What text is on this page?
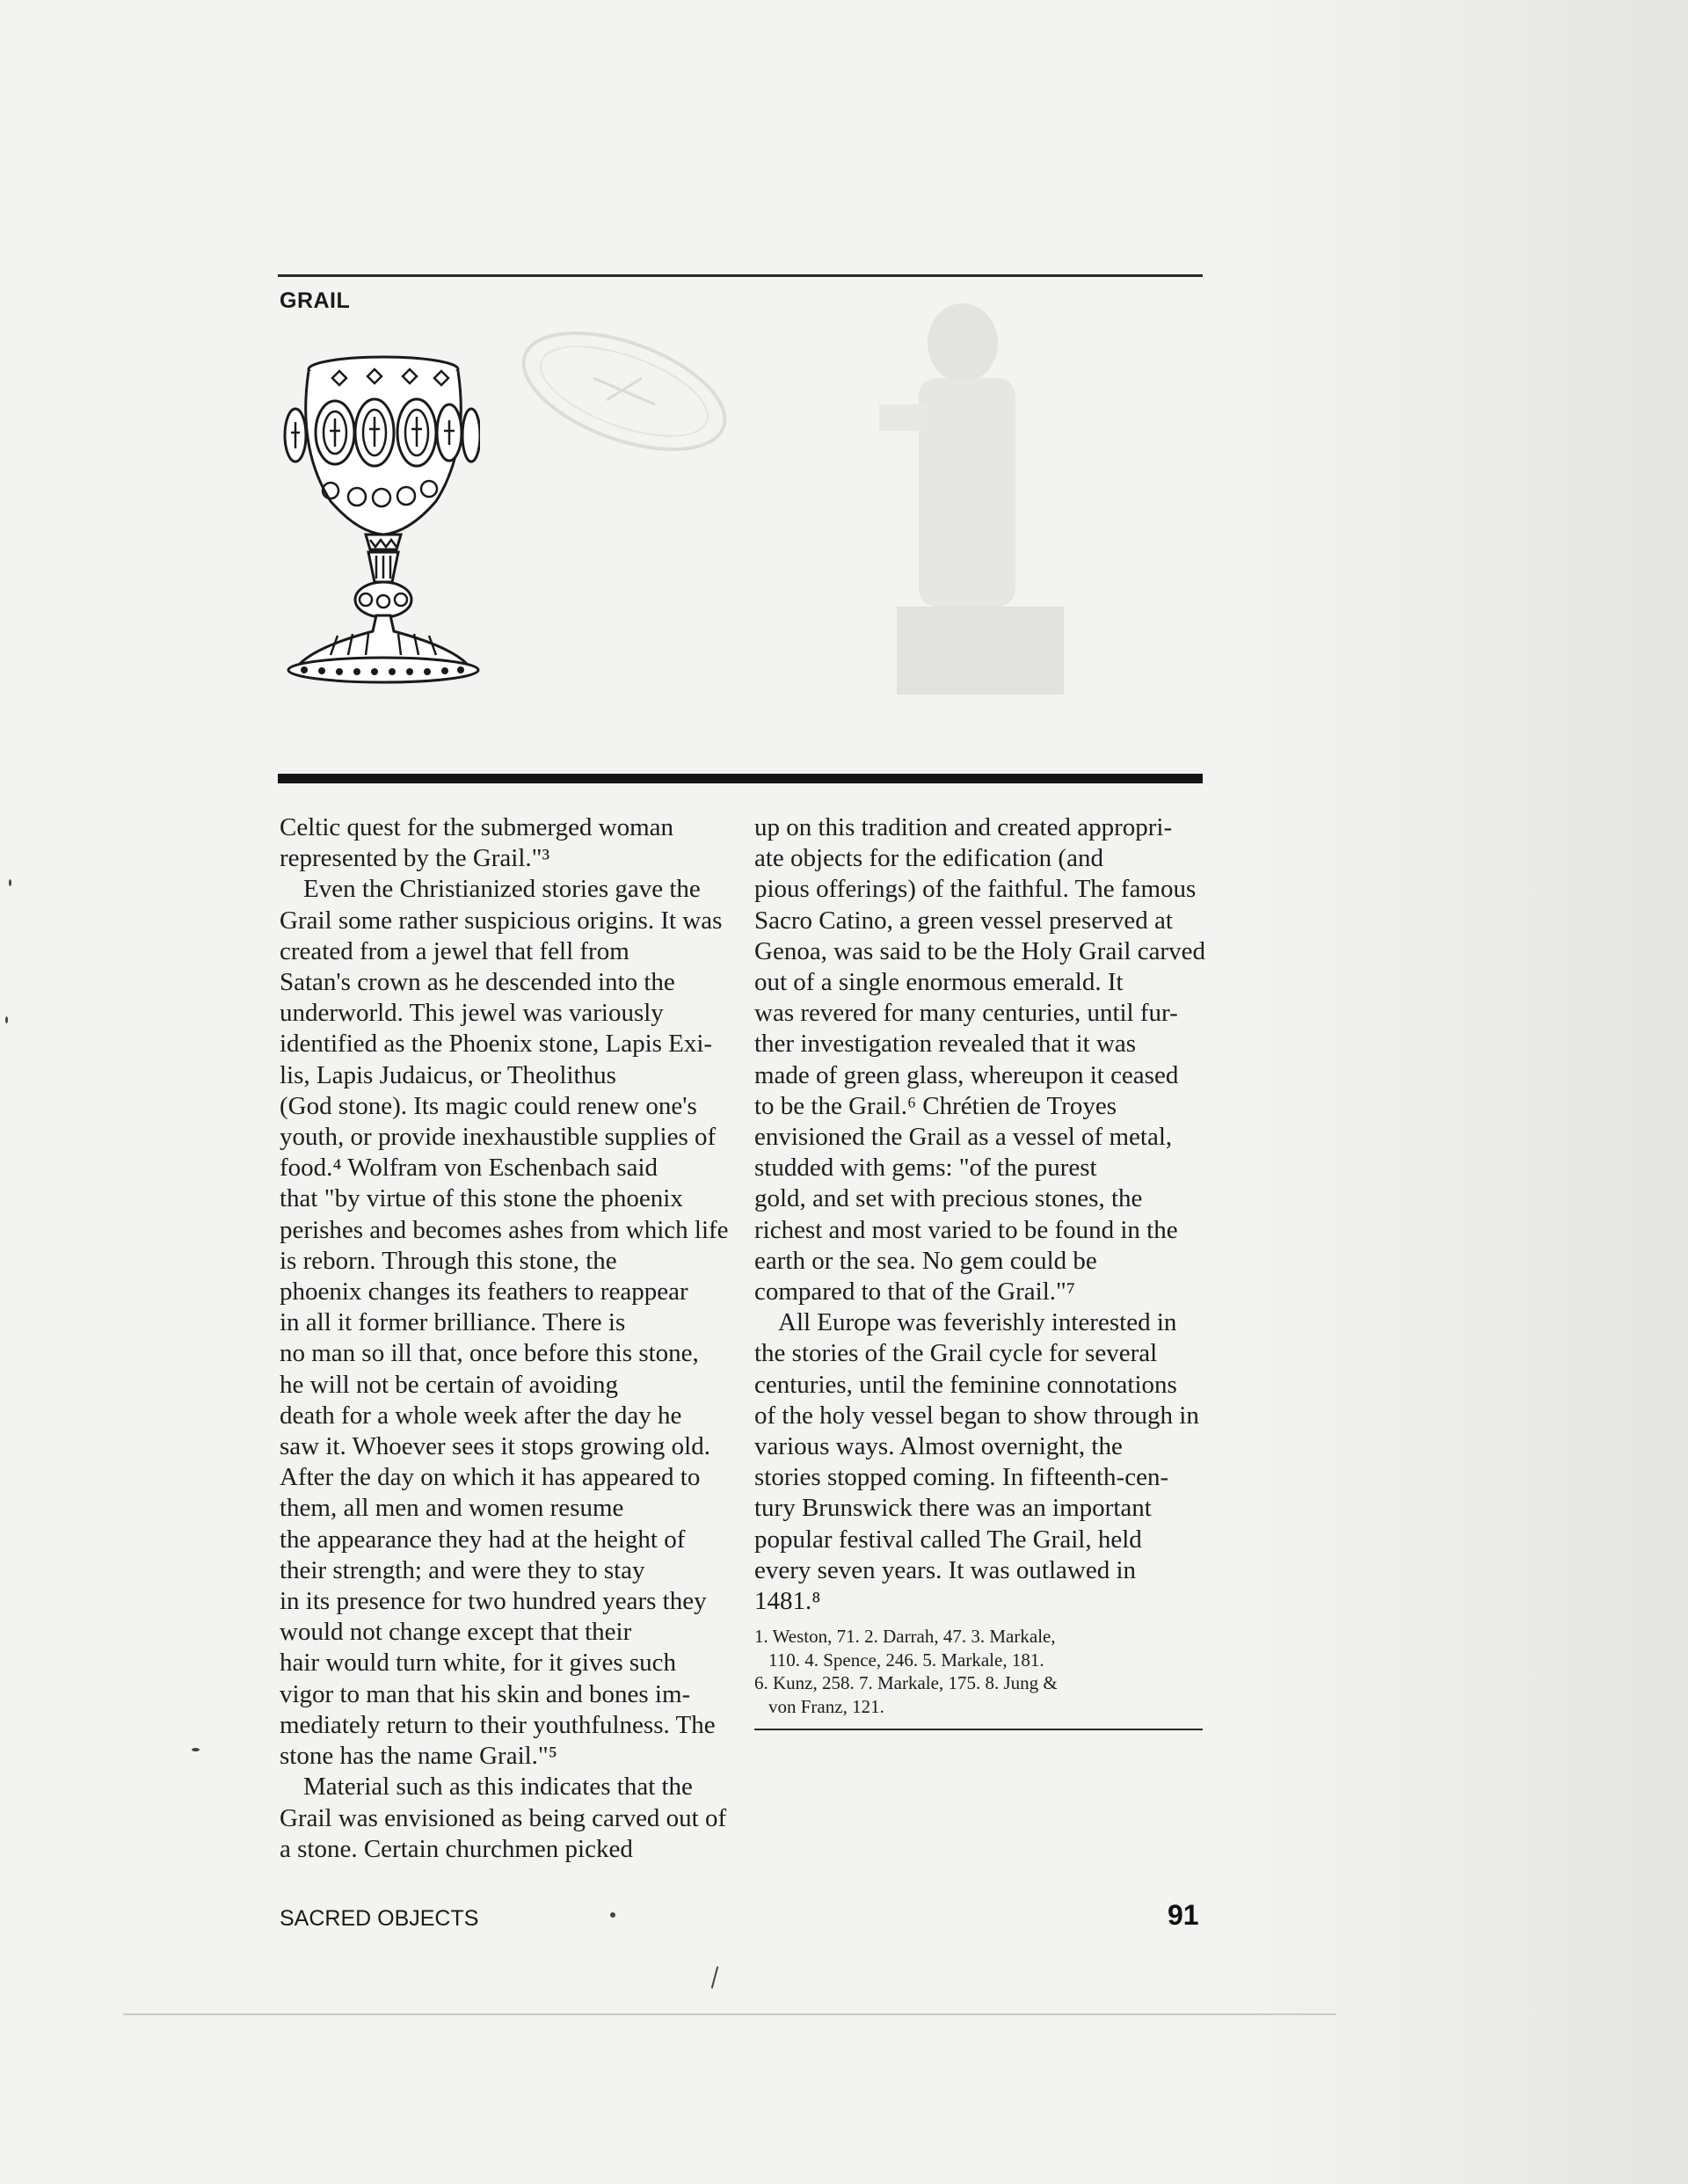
GRAIL

Celtic quest for the submerged woman
represented by the Grail."³
Even the Christianized stories gave the
Grail some rather suspicious origins. It was
created from a jewel that fell from
Satan's crown as he descended into the
underworld. This jewel was variously
identified as the Phoenix stone, Lapis Exi-
lis, Lapis Judaicus, or Theolithus
(God stone). Its magic could renew one's
youth, or provide inexhaustible supplies of
food.⁴ Wolfram von Eschenbach said
that "by virtue of this stone the phoenix
perishes and becomes ashes from which life
is reborn. Through this stone, the
phoenix changes its feathers to reappear
in all it former brilliance. There is
no man so ill that, once before this stone,
he will not be certain of avoiding
death for a whole week after the day he
saw it. Whoever sees it stops growing old.
After the day on which it has appeared to
them, all men and women resume
the appearance they had at the height of
their strength; and were they to stay
in its presence for two hundred years they
would not change except that their
hair would turn white, for it gives such
vigor to man that his skin and bones im-
mediately return to their youthfulness. The
stone has the name Grail."⁵
Material such as this indicates that the
Grail was envisioned as being carved out of
a stone. Certain churchmen picked

up on this tradition and created appropri-
ate objects for the edification (and
pious offerings) of the faithful. The famous
Sacro Catino, a green vessel preserved at
Genoa, was said to be the Holy Grail carved
out of a single enormous emerald. It
was revered for many centuries, until fur-
ther investigation revealed that it was
made of green glass, whereupon it ceased
to be the Grail.⁶ Chrétien de Troyes
envisioned the Grail as a vessel of metal,
studded with gems: "of the purest
gold, and set with precious stones, the
richest and most varied to be found in the
earth or the sea. No gem could be
compared to that of the Grail."⁷
All Europe was feverishly interested in
the stories of the Grail cycle for several
centuries, until the feminine connotations
of the holy vessel began to show through in
various ways. Almost overnight, the
stories stopped coming. In fifteenth-cen-
tury Brunswick there was an important
popular festival called The Grail, held
every seven years. It was outlawed in
1481.⁸

1. Weston, 71. 2. Darrah, 47. 3. Markale,
110. 4. Spence, 246. 5. Markale, 181.
6. Kunz, 258. 7. Markale, 175. 8. Jung &
von Franz, 121.
SACRED OBJECTS	91
